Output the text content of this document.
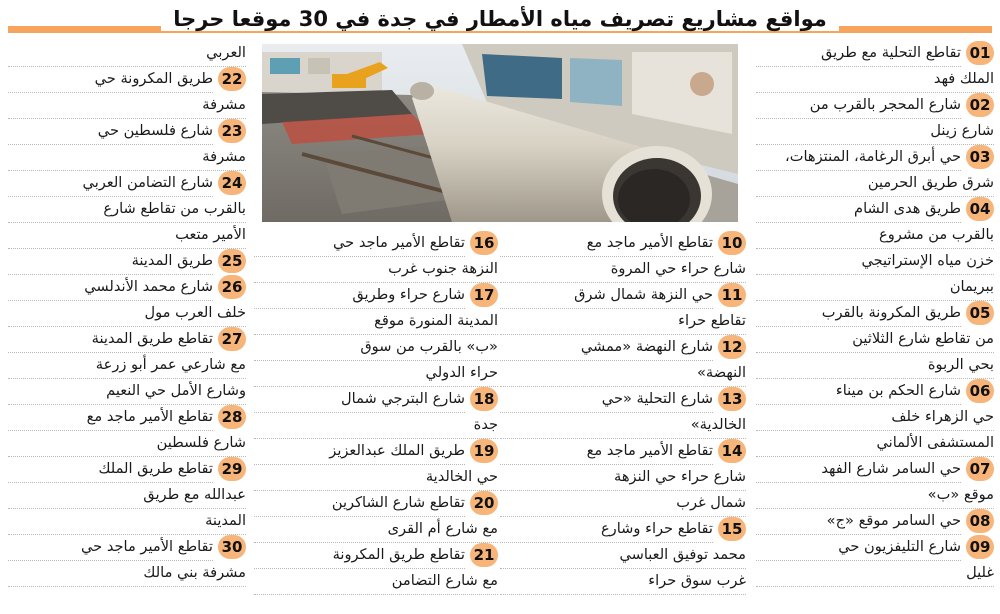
مواقع مشاريع تصريف مياه الأمطار في جدة في 30 موقعا حرجا
01
تقاطع التحلية مع طريق
الملك فهد
02
شارع المحجر بالقرب من
شارع زينل
03
حي أبرق الرغامة، المنتزهات،
شرق طريق الحرمين
04
طريق هدى الشام
بالقرب من مشروع
خزن مياه الإستراتيجي
ببريمان
05
طريق المكرونة بالقرب
من تقاطع شارع الثلاثين
بحي الربوة
06
شارع الحكم بن ميناء
حي الزهراء خلف
المستشفى الألماني
07
حي السامر شارع الفهد
موقع «ب»
08
حي السامر موقع «ج»
09
شارع التليفزيون حي
غليل
10
تقاطع الأمير ماجد مع
شارع حراء حي المروة
11
حي النزهة شمال شرق
تقاطع حراء
12
شارع النهضة «ممشي
النهضة»
13
شارع التحلية «حي
الخالدية»
14
تقاطع الأمير ماجد مع
شارع حراء حي النزهة
شمال غرب
15
تقاطع حراء وشارع
محمد توفيق العباسي
غرب سوق حراء
16
تقاطع الأمير ماجد حي
النزهة جنوب غرب
17
شارع حراء وطريق
المدينة المنورة موقع
«ب» بالقرب من سوق
حراء الدولي
18
شارع البترجي شمال
جدة
19
طريق الملك عبدالعزيز
حي الخالدية
20
تقاطع شارع الشاكرين
مع شارع أم القرى
21
تقاطع طريق المكرونة
مع شارع التضامن
العربي
22
طريق المكرونة حي
مشرفة
23
شارع فلسطين حي
مشرفة
24
شارع التضامن العربي
بالقرب من تقاطع شارع
الأمير متعب
25
طريق المدينة
26
شارع محمد الأندلسي
خلف العرب مول
27
تقاطع طريق المدينة
مع شارعي عمر أبو زرعة
وشارع الأمل حي النعيم
28
تقاطع الأمير ماجد مع
شارع فلسطين
29
تقاطع طريق الملك
عبدالله مع طريق
المدينة
30
تقاطع الأمير ماجد حي
مشرفة بني مالك
